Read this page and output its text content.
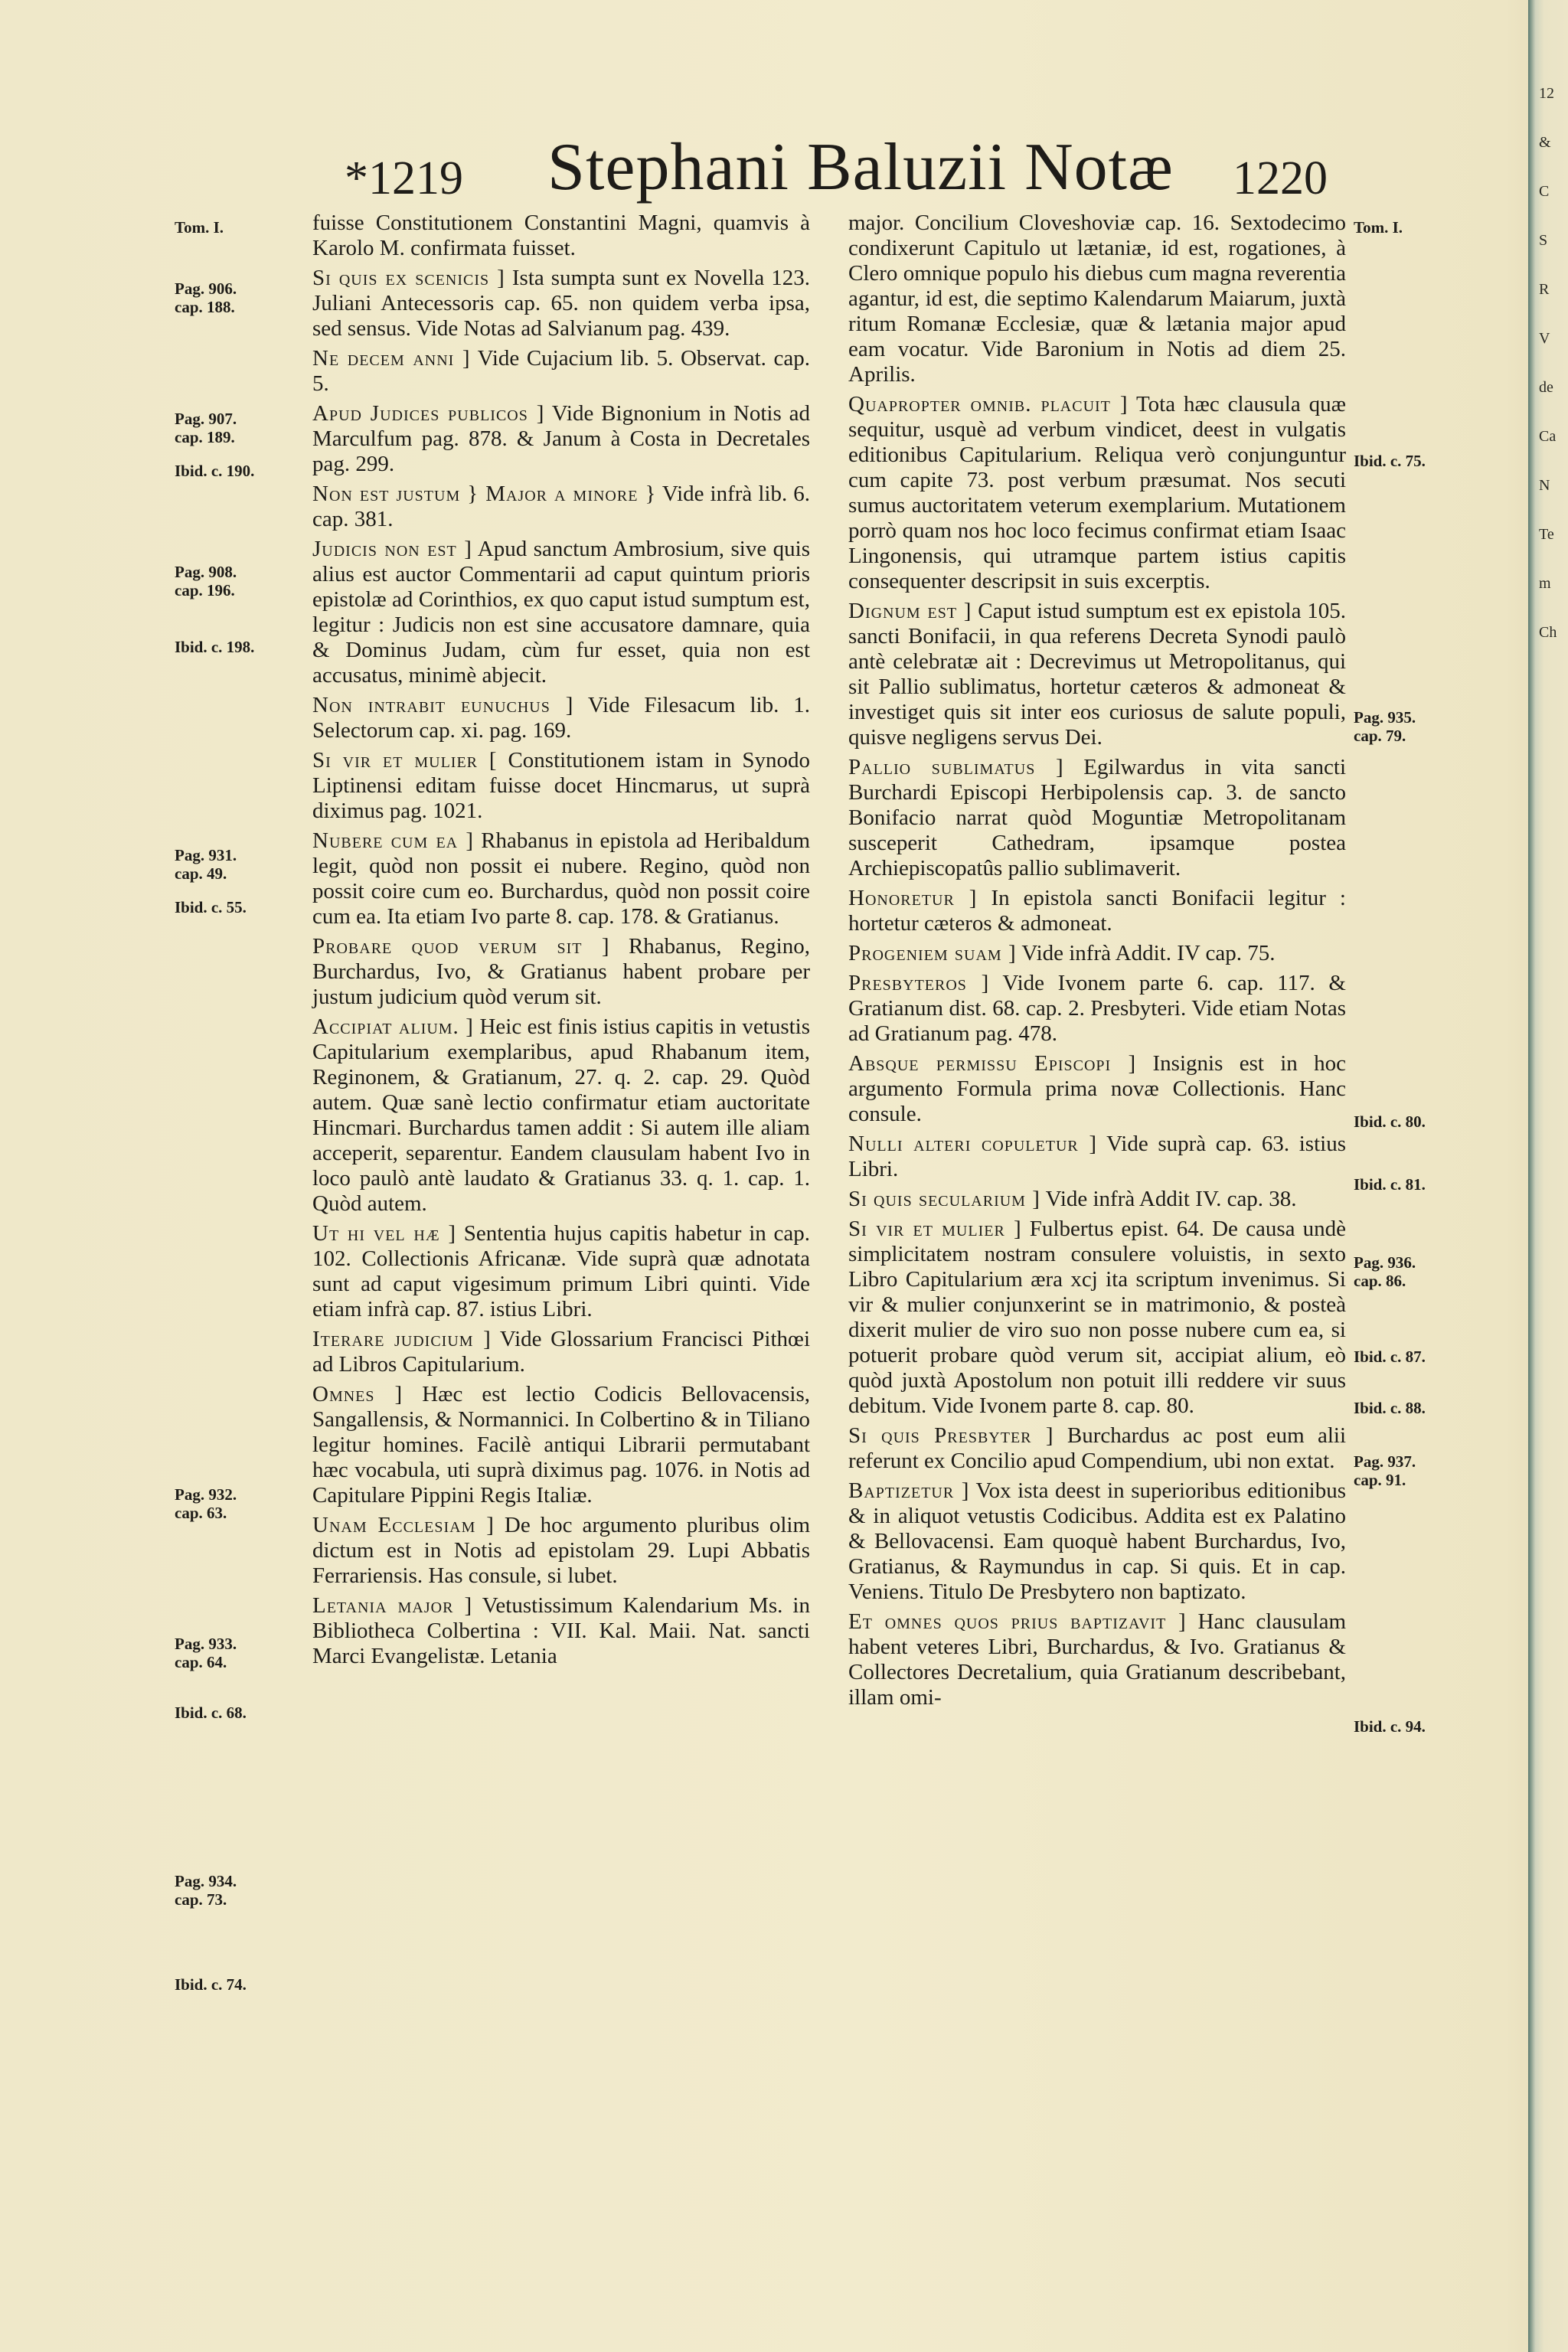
*1219 Stephani Baluzii Notæ 1220
Tom. I.
Pag. 906.
cap. 188.
Pag. 907.
cap. 189.
Ibid. c. 190.
Pag. 908.
cap. 196.
Ibid. c. 198.
Pag. 931.
cap. 49.
Ibid. c. 55.
Pag. 932.
cap. 63.
Pag. 933.
cap. 64.
Ibid. c. 68.
Pag. 934.
cap. 73.
Ibid. c. 74.

fuisse Constitutionem Constantini Magni, quamvis à Karolo M. confirmata fuisset.

Si quis ex scenicis ] Ista sumpta sunt ex Novella 123. Juliani Antecessoris cap. 65. non quidem verba ipsa, sed sensus. Vide Notas ad Salvianum pag. 439.

Ne decem anni ] Vide Cujacium lib. 5. Observat. cap. 5.

Apud Judices publicos ] Vide Bignonium in Notis ad Marculfum pag. 878. & Janum à Costa in Decretales pag. 299.

Non est justum } Major a minore } Vide infrà lib. 6. cap. 381.

Judicis non est ] Apud sanctum Ambrosium, sive quis alius est auctor Commentarii ad caput quintum prioris epistolæ ad Corinthios, ex quo caput istud sumptum est, legitur : Judicis non est sine accusatore damnare, quia & Dominus Judam, cùm fur esset, quia non est accusatus, minimè abjecit.

Non intrabit eunuchus ] Vide Filesacum lib. 1. Selectorum cap. xi. pag. 169.

Si vir et mulier [ Constitutionem istam in Synodo Liptinensi editam fuisse docet Hincmarus, ut suprà diximus pag. 1021.

Nubere cum ea ] Rhabanus in epistola ad Heribaldum legit, quòd non possit ei nubere. Regino, quòd non possit coire cum eo. Burchardus, quòd non possit coire cum ea. Ita etiam Ivo parte 8. cap. 178. & Gratianus.

Probare quod verum sit ] Rhabanus, Regino, Burchardus, Ivo, & Gratianus habent probare per justum judicium quòd verum sit.

Accipiat alium. ] Heic est finis istius capitis in vetustis Capitularium exemplaribus, apud Rhabanum item, Reginonem, & Gratianum, 27. q. 2. cap. 29. Quòd autem. Quæ sanè lectio confirmatur etiam auctoritate Hincmari. Burchardus tamen addit : Si autem ille aliam acceperit, separentur. Eandem clausulam habent Ivo in loco paulò antè laudato & Gratianus 33. q. 1. cap. 1. Quòd autem.

Ut hi vel hæ ] Sententia hujus capitis habetur in cap. 102. Collectionis Africanæ. Vide suprà quæ adnotata sunt ad caput vigesimum primum Libri quinti. Vide etiam infrà cap. 87. istius Libri.

Iterare judicium ] Vide Glossarium Francisci Pithœi ad Libros Capitularium.

Omnes ] Hæc est lectio Codicis Bellovacensis, Sangallensis, & Normannici. In Colbertino & in Tiliano legitur homines. Facilè antiqui Librarii permutabant hæc vocabula, uti suprà diximus pag. 1076. in Notis ad Capitulare Pippini Regis Italiæ.

Unam Ecclesiam ] De hoc argumento pluribus olim dictum est in Notis ad epistolam 29. Lupi Abbatis Ferrariensis. Has consule, si lubet.

Letania major ] Vetustissimum Kalendarium Ms. in Bibliotheca Colbertina : VII. Kal. Maii. Nat. sancti Marci Evangelistæ. Letania

major. Concilium Cloveshoviæ cap. 16. Sextodecimo condixerunt Capitulo ut lætaniæ, id est, rogationes, à Clero omnique populo his diebus cum magna reverentia agantur, id est, die septimo Kalendarum Maiarum, juxtà ritum Romanæ Ecclesiæ, quæ & lætania major apud eam vocatur. Vide Baronium in Notis ad diem 25. Aprilis.

Quapropter omnib. placuit ] Tota hæc clausula quæ sequitur, usquè ad verbum vindicet, deest in vulgatis editionibus Capitularium. Reliqua verò conjunguntur cum capite 73. post verbum præsumat. Nos secuti sumus auctoritatem veterum exemplarium. Mutationem porrò quam nos hoc loco fecimus confirmat etiam Isaac Lingonensis, qui utramque partem istius capitis consequenter descripsit in suis excerptis.

Dignum est ] Caput istud sumptum est ex epistola 105. sancti Bonifacii, in qua referens Decreta Synodi paulò antè celebratæ ait : Decrevimus ut Metropolitanus, qui sit Pallio sublimatus, hortetur cæteros & admoneat & investiget quis sit inter eos curiosus de salute populi, quisve negligens servus Dei.

Pallio sublimatus ] Egilwardus in vita sancti Burchardi Episcopi Herbipolensis cap. 3. de sancto Bonifacio narrat quòd Moguntiæ Metropolitanam susceperit Cathedram, ipsamque postea Archiepiscopatûs pallio sublimaverit.

Honoretur ] In epistola sancti Bonifacii legitur : hortetur cæteros & admoneat.

Progeniem suam ] Vide infrà Addit. IV cap. 75.

Presbyteros ] Vide Ivonem parte 6. cap. 117. & Gratianum dist. 68. cap. 2. Presbyteri. Vide etiam Notas ad Gratianum pag. 478.

Absque permissu Episcopi ] Insignis est in hoc argumento Formula prima novæ Collectionis. Hanc consule.

Nulli alteri copuletur ] Vide suprà cap. 63. istius Libri.

Si quis secularium ] Vide infrà Addit IV. cap. 38.

Si vir et mulier ] Fulbertus epist. 64. De causa undè simplicitatem nostram consulere voluistis, in sexto Libro Capitularium æra xcj ita scriptum invenimus. Si vir & mulier conjunxerint se in matrimonio, & posteà dixerit mulier de viro suo non posse nubere cum ea, si potuerit probare quòd verum sit, accipiat alium, eò quòd juxtà Apostolum non potuit illi reddere vir suus debitum. Vide Ivonem parte 8. cap. 80.

Si quis Presbyter ] Burchardus ac post eum alii referunt ex Concilio apud Compendium, ubi non extat.

Baptizetur ] Vox ista deest in superioribus editionibus & in aliquot vetustis Codicibus. Addita est ex Palatino & Bellovacensi. Eam quoquè habent Burchardus, Ivo, Gratianus, & Raymundus in cap. Si quis. Et in cap. Veniens. Titulo De Presbytero non baptizato.

Et omnes quos prius baptizavit ] Hanc clausulam habent veteres Libri, Burchardus, & Ivo. Gratianus & Collectores Decretalium, quia Gratianum describebant, illam omi-

Tom. I.
Ibid. c. 75.
Pag. 935.
cap. 79.
Ibid. c. 80.
Ibid. c. 81.
Pag. 936.
cap. 86.
Ibid. c. 87.
Ibid. c. 88.
Pag. 937.
cap. 91.
Ibid. c. 94.
12
&
C
S
R
V
de
Ca
N
Te
m
Ch
